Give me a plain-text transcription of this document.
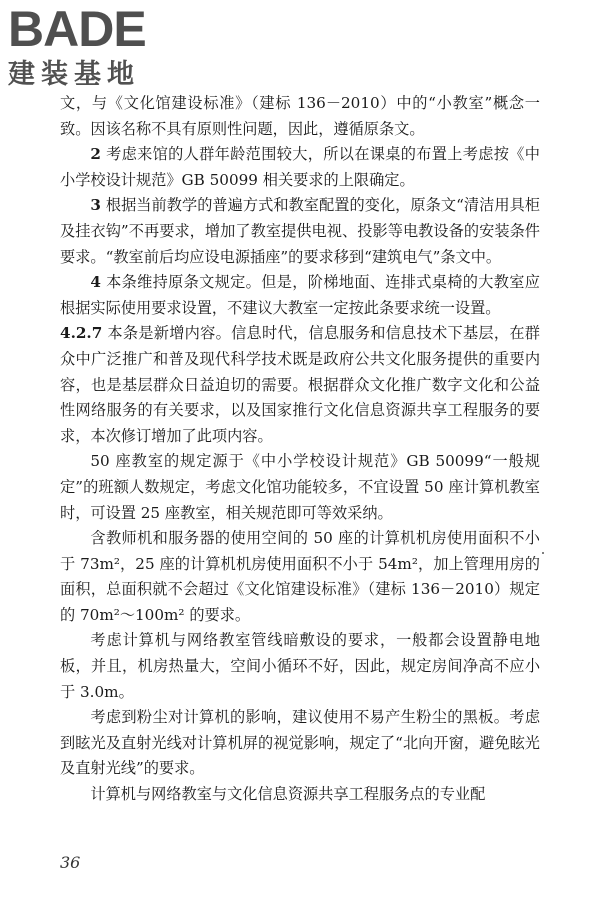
BADE
建装基地

文，与《文化馆建设标准》（建标 136－2010）中的“小教室”概念一致。因该名称不具有原则性问题，因此，遵循原条文。

2 考虑来馆的人群年龄范围较大，所以在课桌的布置上考虑按《中小学校设计规范》GB 50099 相关要求的上限确定。

3 根据当前教学的普遍方式和教室配置的变化，原条文“清洁用具柜及挂衣钩”不再要求，增加了教室提供电视、投影等电教设备的安装条件要求。“教室前后均应设电源插座”的要求移到“建筑电气”条文中。

4 本条维持原条文规定。但是，阶梯地面、连排式桌椅的大教室应根据实际使用要求设置，不建议大教室一定按此条要求统一设置。

4.2.7 本条是新增内容。信息时代，信息服务和信息技术下基层，在群众中广泛推广和普及现代科学技术既是政府公共文化服务提供的重要内容，也是基层群众日益迫切的需要。根据群众文化推广数字文化和公益性网络服务的有关要求，以及国家推行文化信息资源共享工程服务的要求，本次修订增加了此项内容。

50 座教室的规定源于《中小学校设计规范》GB 50099“一般规定”的班额人数规定，考虑文化馆功能较多，不宜设置 50 座计算机教室时，可设置 25 座教室，相关规范即可等效采纳。

含教师机和服务器的使用空间的 50 座的计算机机房使用面积不小于 73m²，25 座的计算机机房使用面积不小于 54m²，加上管理用房的面积，总面积就不会超过《文化馆建设标准》（建标 136－2010）规定的 70m²～100m² 的要求。

考虑计算机与网络教室管线暗敷设的要求，一般都会设置静电地板，并且，机房热量大，空间小循环不好，因此，规定房间净高不应小于 3.0m。

考虑到粉尘对计算机的影响，建议使用不易产生粉尘的黑板。考虑到眩光及直射光线对计算机屏的视觉影响，规定了“北向开窗，避免眩光及直射光线”的要求。

计算机与网络教室与文化信息资源共享工程服务点的专业配

36
